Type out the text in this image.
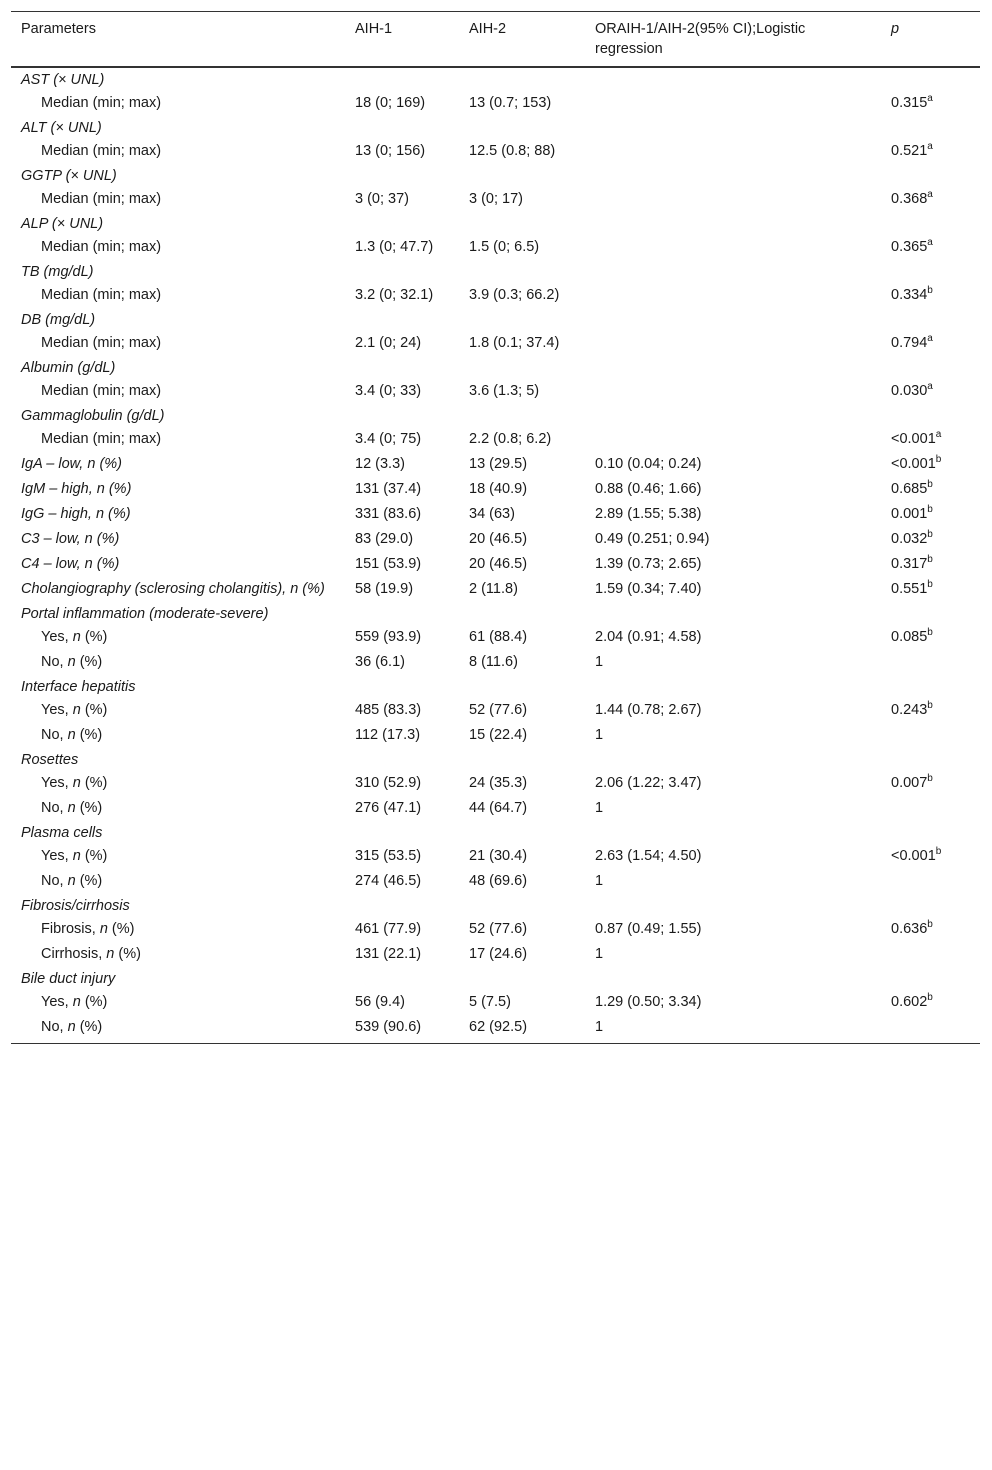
Parameters	AIH-1	AIH-2	ORAIH-1/AIH-2(95% CI);Logistic regression	p
AST (× UNL)				
Median (min; max)	18 (0; 169)	13 (0.7; 153)		0.315$^a$
ALT (× UNL)				
Median (min; max)	13 (0; 156)	12.5 (0.8; 88)		0.521$^a$
GGTP (× UNL)				
Median (min; max)	3 (0; 37)	3 (0; 17)		0.368$^a$
ALP (× UNL)				
Median (min; max)	1.3 (0; 47.7)	1.5 (0; 6.5)		0.365$^a$
TB (mg/dL)				
Median (min; max)	3.2 (0; 32.1)	3.9 (0.3; 66.2)		0.334$^b$
DB (mg/dL)				
Median (min; max)	2.1 (0; 24)	1.8 (0.1; 37.4)		0.794$^a$
Albumin (g/dL)				
Median (min; max)	3.4 (0; 33)	3.6 (1.3; 5)		0.030$^a$
Gammaglobulin (g/dL)				
Median (min; max)	3.4 (0; 75)	2.2 (0.8; 6.2)		<0.001$^a$
IgA – low, n (%)	12 (3.3)	13 (29.5)	0.10 (0.04; 0.24)	<0.001$^b$
IgM – high, n (%)	131 (37.4)	18 (40.9)	0.88 (0.46; 1.66)	0.685$^b$
IgG – high, n (%)	331 (83.6)	34 (63)	2.89 (1.55; 5.38)	0.001$^b$
C3 – low, n (%)	83 (29.0)	20 (46.5)	0.49 (0.251; 0.94)	0.032$^b$
C4 – low, n (%)	151 (53.9)	20 (46.5)	1.39 (0.73; 2.65)	0.317$^b$
Cholangiography (sclerosing cholangitis), n (%)	58 (19.9)	2 (11.8)	1.59 (0.34; 7.40)	0.551$^b$
Portal inflammation (moderate-severe)				
Yes, n (%)	559 (93.9)	61 (88.4)	2.04 (0.91; 4.58)	0.085$^b$
No, n (%)	36 (6.1)	8 (11.6)	1	
Interface hepatitis				
Yes, n (%)	485 (83.3)	52 (77.6)	1.44 (0.78; 2.67)	0.243$^b$
No, n (%)	112 (17.3)	15 (22.4)	1	
Rosettes				
Yes, n (%)	310 (52.9)	24 (35.3)	2.06 (1.22; 3.47)	0.007$^b$
No, n (%)	276 (47.1)	44 (64.7)	1	
Plasma cells				
Yes, n (%)	315 (53.5)	21 (30.4)	2.63 (1.54; 4.50)	<0.001$^b$
No, n (%)	274 (46.5)	48 (69.6)	1	
Fibrosis/cirrhosis				
Fibrosis, n (%)	461 (77.9)	52 (77.6)	0.87 (0.49; 1.55)	0.636$^b$
Cirrhosis, n (%)	131 (22.1)	17 (24.6)	1	
Bile duct injury				
Yes, n (%)	56 (9.4)	5 (7.5)	1.29 (0.50; 3.34)	0.602$^b$
No, n (%)	539 (90.6)	62 (92.5)	1	
